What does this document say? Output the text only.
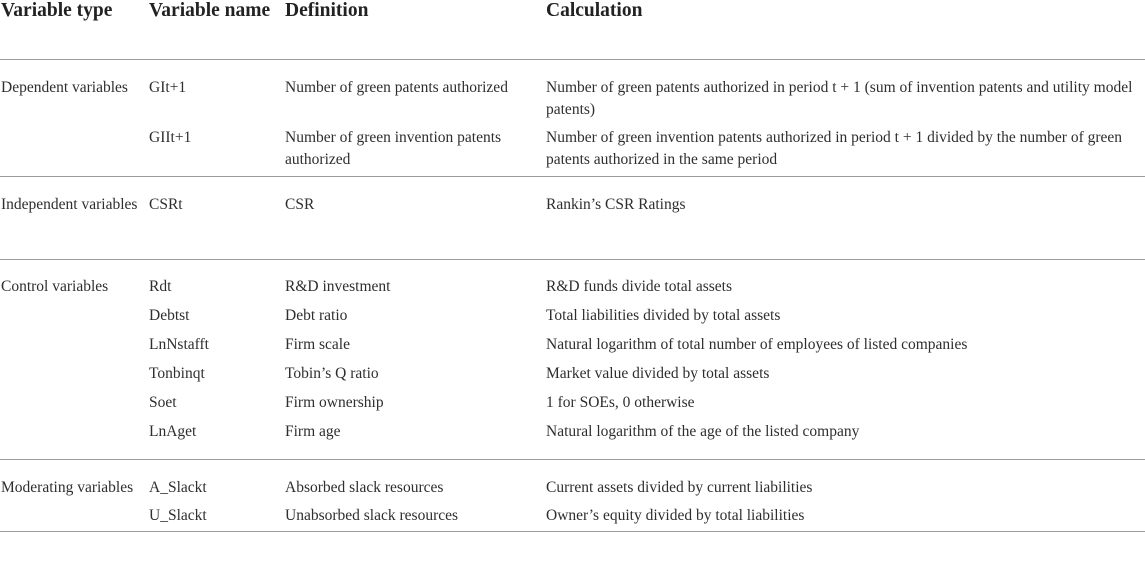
Variable type	Variable name	Definition	Calculation
Dependent variables	GIt+1	Number of green patents authorized	Number of green patents authorized in period t + 1 (sum of invention patents and utility model patents)
	GIIt+1	Number of green invention patents authorized	Number of green invention patents authorized in period t + 1 divided by the number of green patents authorized in the same period
Independent variables	CSRt	CSR	Rankin’s CSR Ratings
Control variables	Rdt	R&D investment	R&D funds divide total assets
	Debtst	Debt ratio	Total liabilities divided by total assets
	LnNstafft	Firm scale	Natural logarithm of total number of employees of listed companies
	Tonbinqt	Tobin’s Q ratio	Market value divided by total assets
	Soet	Firm ownership	1 for SOEs, 0 otherwise
	LnAget	Firm age	Natural logarithm of the age of the listed company
Moderating variables	A_Slackt	Absorbed slack resources	Current assets divided by current liabilities
	U_Slackt	Unabsorbed slack resources	Owner’s equity divided by total liabilities
